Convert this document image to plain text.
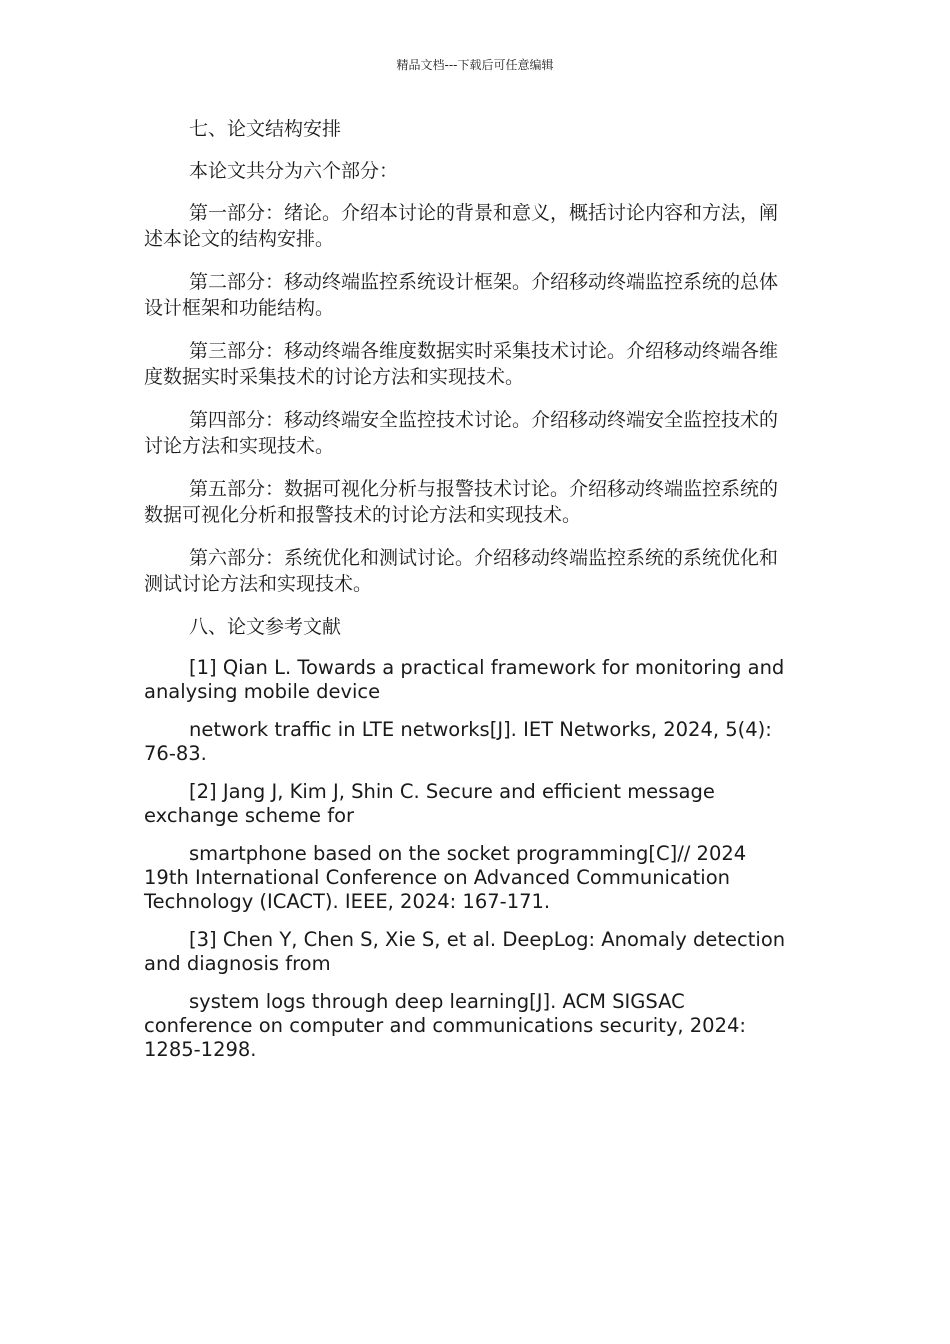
精品文档---下载后可任意编辑

七、论文结构安排

本论文共分为六个部分：

第一部分：绪论。介绍本讨论的背景和意义，概括讨论内容和方法，阐述本论文的结构安排。

第二部分：移动终端监控系统设计框架。介绍移动终端监控系统的总体设计框架和功能结构。

第三部分：移动终端各维度数据实时采集技术讨论。介绍移动终端各维度数据实时采集技术的讨论方法和实现技术。

第四部分：移动终端安全监控技术讨论。介绍移动终端安全监控技术的讨论方法和实现技术。

第五部分：数据可视化分析与报警技术讨论。介绍移动终端监控系统的数据可视化分析和报警技术的讨论方法和实现技术。

第六部分：系统优化和测试讨论。介绍移动终端监控系统的系统优化和测试讨论方法和实现技术。

八、论文参考文献

[1] Qian L. Towards a practical framework for monitoring and analysing mobile device

network traffic in LTE networks[J]. IET Networks, 2024, 5(4): 76-83.

[2] Jang J, Kim J, Shin C. Secure and efficient message exchange scheme for

smartphone based on the socket programming[C]// 2024 19th International Conference on Advanced Communication Technology (ICACT). IEEE, 2024: 167-171.

[3] Chen Y, Chen S, Xie S, et al. DeepLog: Anomaly detection and diagnosis from

system logs through deep learning[J]. ACM SIGSAC conference on computer and communications security, 2024: 1285-1298.
